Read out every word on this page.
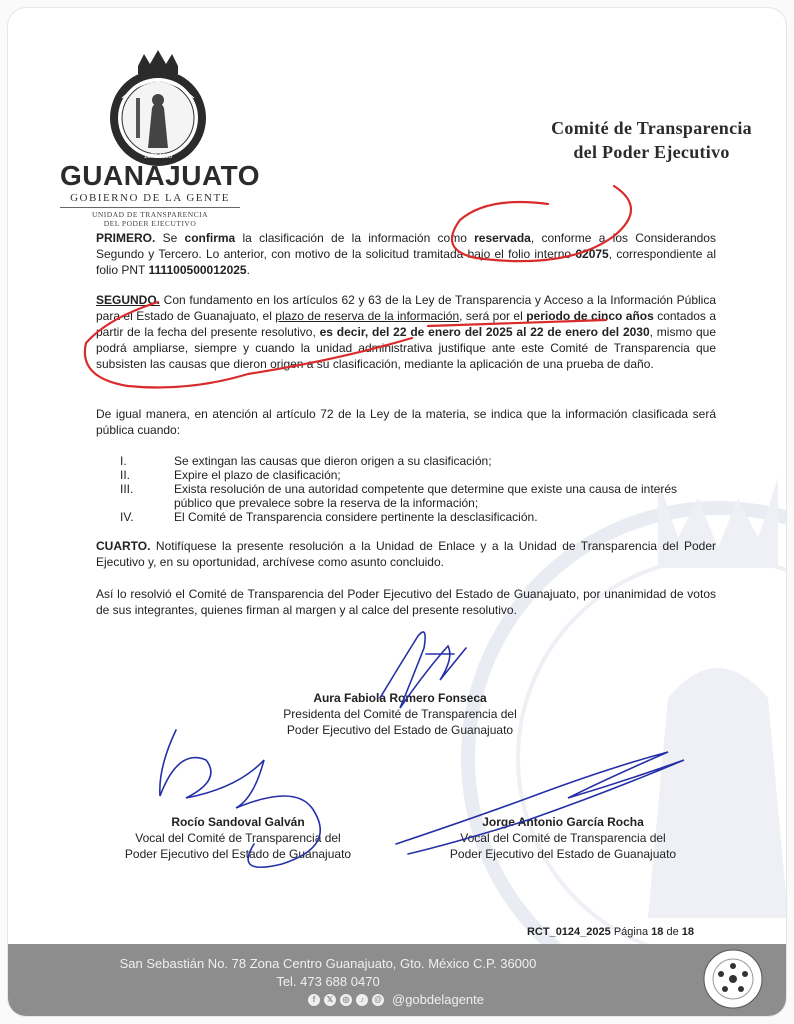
1570 1826
GUANAJUATO
GOBIERNO DE LA GENTE
UNIDAD DE TRANSPARENCIA
DEL PODER EJECUTIVO
Comité de Transparencia
del Poder Ejecutivo
PRIMERO. Se confirma la clasificación de la información como reservada, conforme a los Considerandos Segundo y Tercero. Lo anterior, con motivo de la solicitud tramitada bajo el folio interno 62075, correspondiente al folio PNT 111100500012025.
SEGUNDO. Con fundamento en los artículos 62 y 63 de la Ley de Transparencia y Acceso a la Información Pública para el Estado de Guanajuato, el plazo de reserva de la información, será por el periodo de cinco años contados a partir de la fecha del presente resolutivo, es decir, del 22 de enero del 2025 al 22 de enero del 2030, mismo que podrá ampliarse, siempre y cuando la unidad administrativa justifique ante este Comité de Transparencia que subsisten las causas que dieron origen a su clasificación, mediante la aplicación de una prueba de daño.
De igual manera, en atención al artículo 72 de la Ley de la materia, se indica que la información clasificada será pública cuando:
I.	Se extingan las causas que dieron origen a su clasificación;
II.	Expire el plazo de clasificación;
III.	Exista resolución de una autoridad competente que determine que existe una causa de interés público que prevalece sobre la reserva de la información;
IV.	El Comité de Transparencia considere pertinente la desclasificación.
CUARTO. Notifíquese la presente resolución a la Unidad de Enlace y a la Unidad de Transparencia del Poder Ejecutivo y, en su oportunidad, archívese como asunto concluido.
Así lo resolvió el Comité de Transparencia del Poder Ejecutivo del Estado de Guanajuato, por unanimidad de votos de sus integrantes, quienes firman al margen y al calce del presente resolutivo.
Aura Fabiola Romero Fonseca
Presidenta del Comité de Transparencia del
Poder Ejecutivo del Estado de Guanajuato
Rocío Sandoval Galván
Vocal del Comité de Transparencia del
Poder Ejecutivo del Estado de Guanajuato
Jorge Antonio García Rocha
Vocal del Comité de Transparencia del
Poder Ejecutivo del Estado de Guanajuato
RCT_0124_2025 Página 18 de 18
San Sebastián No. 78 Zona Centro Guanajuato, Gto. México C.P. 36000
Tel. 473 688 0470
f	𝕏	◎	♪	@ @gobdelagente
